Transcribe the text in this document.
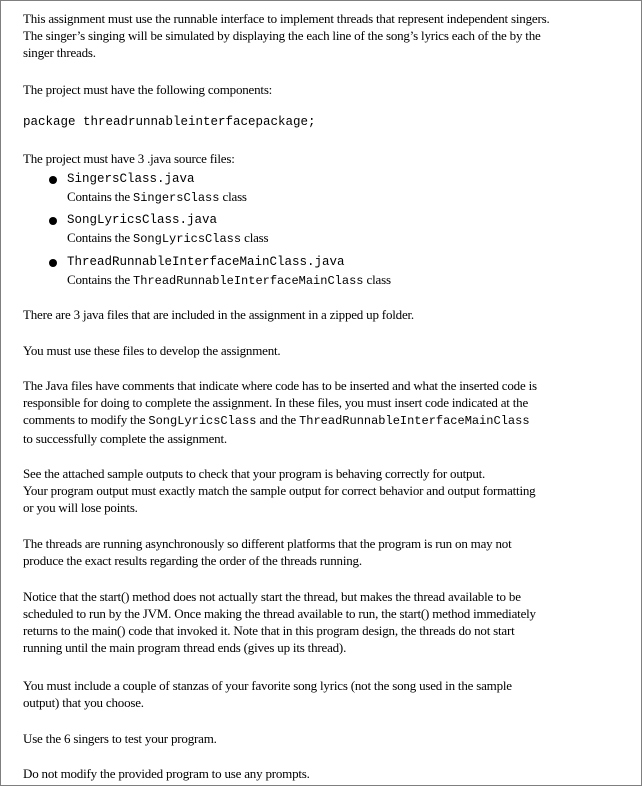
This assignment must use the runnable interface to implement threads that represent independent singers.
The singer’s singing will be simulated by displaying the each line of the song’s lyrics each of the by the
singer threads.
The project must have the following components:
package threadrunnableinterfacepackage;
The project must have 3 .java source files:
SingersClass.java
Contains the SingersClass class
SongLyricsClass.java
Contains the SongLyricsClass class
ThreadRunnableInterfaceMainClass.java
Contains the ThreadRunnableInterfaceMainClass class
There are 3 java files that are included in the assignment in a zipped up folder.
You must use these files to develop the assignment.
The Java files have comments that indicate where code has to be inserted and what the inserted code is
responsible for doing to complete the assignment. In these files, you must insert code indicated at the
comments to modify the SongLyricsClass and the ThreadRunnableInterfaceMainClass
to successfully complete the assignment.
See the attached sample outputs to check that your program is behaving correctly for output.
Your program output must exactly match the sample output for correct behavior and output formatting
or you will lose points.
The threads are running asynchronously so different platforms that the program is run on may not
produce the exact results regarding the order of the threads running.
Notice that the start() method does not actually start the thread, but makes the thread available to be
scheduled to run by the JVM. Once making the thread available to run, the start() method immediately
returns to the main() code that invoked it. Note that in this program design, the threads do not start
running until the main program thread ends (gives up its thread).
You must include a couple of stanzas of your favorite song lyrics (not the song used in the sample
output) that you choose.
Use the 6 singers to test your program.
Do not modify the provided program to use any prompts.
